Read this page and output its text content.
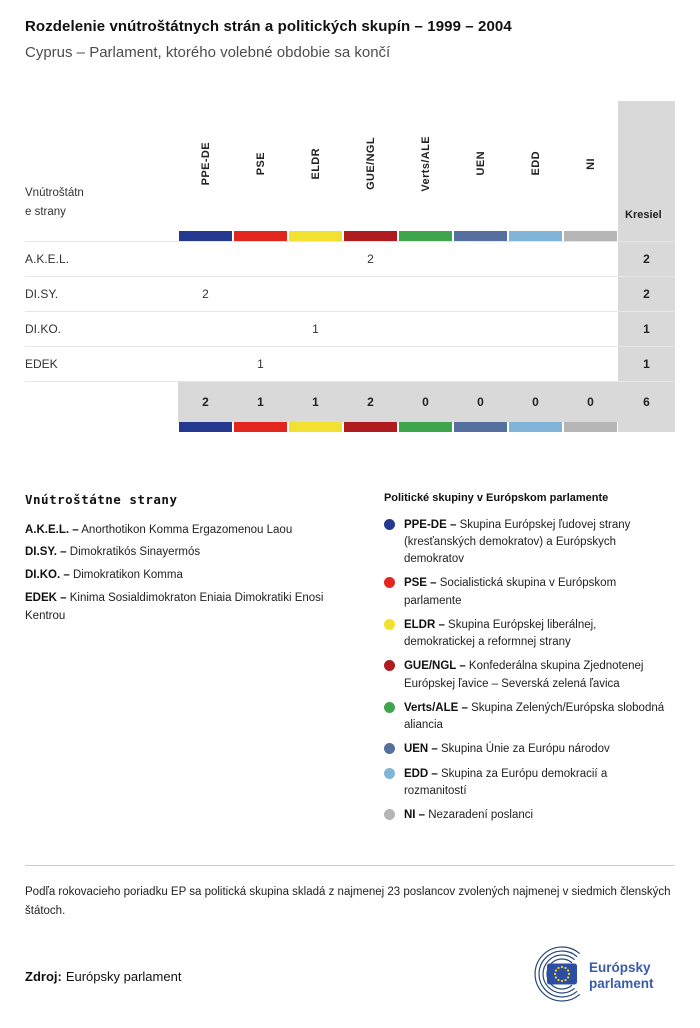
Rozdelenie vnútroštátnych strán a politických skupín – 1999 – 2004
Cyprus – Parlament, ktorého volebné obdobie sa končí
Vnútroštátne strany	PPE-DE	PSE	ELDR	GUE/NGL	Verts/ALE	UEN	EDD	NI	Kresiel

A.K.E.L.				2					2
DI.SY.	2								2
DI.KO.			1						1
EDEK		1							1
	2	1	1	2	0	0	0	0	6

Vnútroštátne strany
A.K.E.L. – Anorthotikon Komma Ergazomenou Laou
DI.SY. – Dimokratikós Sinayermós
DI.KO. – Dimokratikon Komma
EDEK – Kinima Sosialdimokraton Eniaia Dimokratiki Enosi Kentrou
Politické skupiny v Európskom parlamente
PPE-DE – Skupina Európskej ľudovej strany (kresťanských demokratov) a Európskych demokratov
PSE – Socialistická skupina v Európskom parlamente
ELDR – Skupina Európskej liberálnej, demokratickej a reformnej strany
GUE/NGL – Konfederálna skupina Zjednotenej Európskej ľavice – Severská zelená ľavica
Verts/ALE – Skupina Zelených/Európska slobodná aliancia
UEN – Skupina Únie za Európu národov
EDD – Skupina za Európu demokracií a rozmanitostí
NI – Nezaradení poslanci
Podľa rokovacieho poriadku EP sa politická skupina skladá z najmenej 23 poslancov zvolených najmenej v siedmich členských štátoch.
Zdroj: Európsky parlament
Európsky
parlament
